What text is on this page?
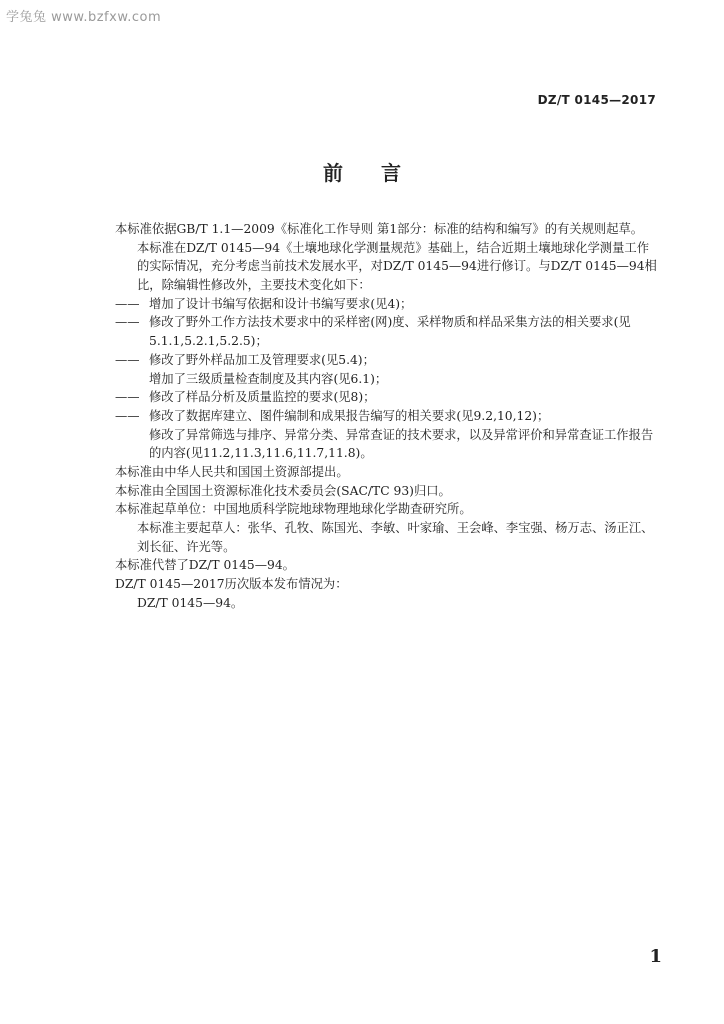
学兔兔 www.bzfxw.com
DZ/T 0145—2017
前言

本标准依据GB/T 1.1—2009《标准化工作导则 第1部分：标准的结构和编写》的有关规则起草。

本标准在DZ/T 0145—94《土壤地球化学测量规范》基础上，结合近期土壤地球化学测量工作的实际情况，充分考虑当前技术发展水平，对DZ/T 0145—94进行修订。与DZ/T 0145—94相比，除编辑性修改外，主要技术变化如下：

—— 增加了设计书编写依据和设计书编写要求(见4)；
—— 修改了野外工作方法技术要求中的采样密(网)度、采样物质和样品采集方法的相关要求(见5.1.1,5.2.1,5.2.5)；
—— 修改了野外样品加工及管理要求(见5.4)；
增加了三级质量检查制度及其内容(见6.1)；
—— 修改了样品分析及质量监控的要求(见8)；
—— 修改了数据库建立、图件编制和成果报告编写的相关要求(见9.2,10,12)；
修改了异常筛选与排序、异常分类、异常查证的技术要求，以及异常评价和异常查证工作报告的内容(见11.2,11.3,11.6,11.7,11.8)。

本标准由中华人民共和国国土资源部提出。

本标准由全国国土资源标准化技术委员会(SAC/TC 93)归口。

本标准起草单位：中国地质科学院地球物理地球化学勘查研究所。

本标准主要起草人：张华、孔牧、陈国光、李敏、叶家瑜、王会峰、李宝强、杨万志、汤正江、刘长征、许光等。

本标准代替了DZ/T 0145—94。

DZ/T 0145—2017历次版本发布情况为：

DZ/T 0145—94。

1
